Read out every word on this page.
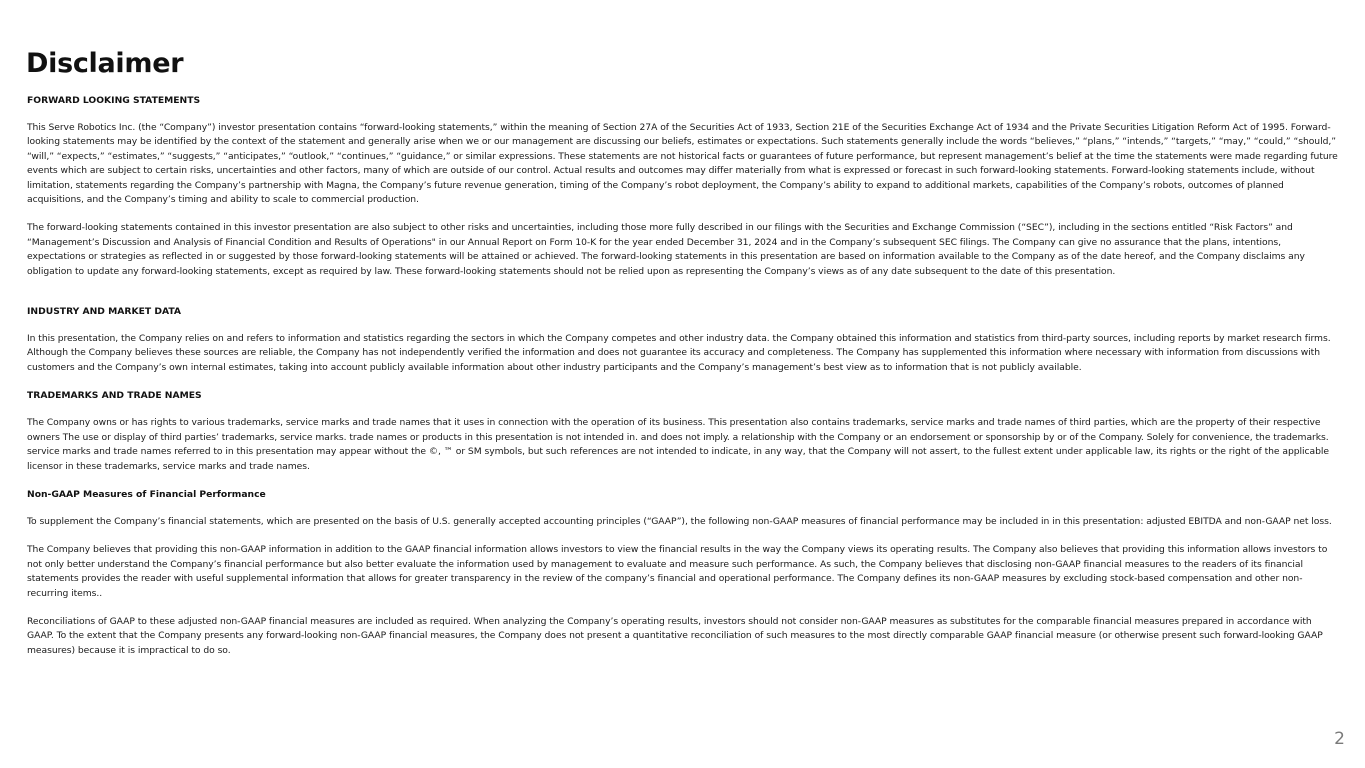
Disclaimer
FORWARD LOOKING STATEMENTS

This Serve Robotics Inc. (the “Company”) investor presentation contains “forward-looking statements,” within the meaning of Section 27A of the Securities Act of 1933, Section 21E of the Securities Exchange Act of 1934 and the Private Securities Litigation Reform Act of 1995. Forward-looking statements may be identified by the context of the statement and generally arise when we or our management are discussing our beliefs, estimates or expectations. Such statements generally include the words “believes,” “plans,” “intends,” “targets,” “may,” “could,” “should,” “will,” “expects,” “estimates,” “suggests,” “anticipates,” “outlook,” “continues,” “guidance,” or similar expressions. These statements are not historical facts or guarantees of future performance, but represent management’s belief at the time the statements were made regarding future events which are subject to certain risks, uncertainties and other factors, many of which are outside of our control. Actual results and outcomes may differ materially from what is expressed or forecast in such forward-looking statements. Forward-looking statements include, without limitation, statements regarding the Company’s partnership with Magna, the Company’s future revenue generation, timing of the Company’s robot deployment, the Company’s ability to expand to additional markets, capabilities of the Company’s robots, outcomes of planned acquisitions, and the Company’s timing and ability to scale to commercial production.

The forward-looking statements contained in this investor presentation are also subject to other risks and uncertainties, including those more fully described in our filings with the Securities and Exchange Commission (“SEC”), including in the sections entitled “Risk Factors” and “Management’s Discussion and Analysis of Financial Condition and Results of Operations" in our Annual Report on Form 10-K for the year ended December 31, 2024 and in the Company’s subsequent SEC filings. The Company can give no assurance that the plans, intentions, expectations or strategies as reflected in or suggested by those forward-looking statements will be attained or achieved. The forward-looking statements in this presentation are based on information available to the Company as of the date hereof, and the Company disclaims any obligation to update any forward-looking statements, except as required by law. These forward-looking statements should not be relied upon as representing the Company’s views as of any date subsequent to the date of this presentation.

INDUSTRY AND MARKET DATA

In this presentation, the Company relies on and refers to information and statistics regarding the sectors in which the Company competes and other industry data. the Company obtained this information and statistics from third-party sources, including reports by market research firms. Although the Company believes these sources are reliable, the Company has not independently verified the information and does not guarantee its accuracy and completeness. The Company has supplemented this information where necessary with information from discussions with customers and the Company’s own internal estimates, taking into account publicly available information about other industry participants and the Company’s management’s best view as to information that is not publicly available.

TRADEMARKS AND TRADE NAMES

The Company owns or has rights to various trademarks, service marks and trade names that it uses in connection with the operation of its business. This presentation also contains trademarks, service marks and trade names of third parties, which are the property of their respective owners The use or display of third parties’ trademarks, service marks. trade names or products in this presentation is not intended in. and does not imply. a relationship with the Company or an endorsement or sponsorship by or of the Company. Solely for convenience, the trademarks. service marks and trade names referred to in this presentation may appear without the ©, ™ or SM symbols, but such references are not intended to indicate, in any way, that the Company will not assert, to the fullest extent under applicable law, its rights or the right of the applicable licensor in these trademarks, service marks and trade names.

Non-GAAP Measures of Financial Performance

To supplement the Company’s financial statements, which are presented on the basis of U.S. generally accepted accounting principles (“GAAP”), the following non-GAAP measures of financial performance may be included in in this presentation: adjusted EBITDA and non-GAAP net loss.

The Company believes that providing this non-GAAP information in addition to the GAAP financial information allows investors to view the financial results in the way the Company views its operating results. The Company also believes that providing this information allows investors to not only better understand the Company’s financial performance but also better evaluate the information used by management to evaluate and measure such performance. As such, the Company believes that disclosing non-GAAP financial measures to the readers of its financial statements provides the reader with useful supplemental information that allows for greater transparency in the review of the company’s financial and operational performance. The Company defines its non-GAAP measures by excluding stock-based compensation and other non-recurring items..

Reconciliations of GAAP to these adjusted non-GAAP financial measures are included as required. When analyzing the Company’s operating results, investors should not consider non-GAAP measures as substitutes for the comparable financial measures prepared in accordance with GAAP. To the extent that the Company presents any forward-looking non-GAAP financial measures, the Company does not present a quantitative reconciliation of such measures to the most directly comparable GAAP financial measure (or otherwise present such forward-looking GAAP measures) because it is impractical to do so.

2
